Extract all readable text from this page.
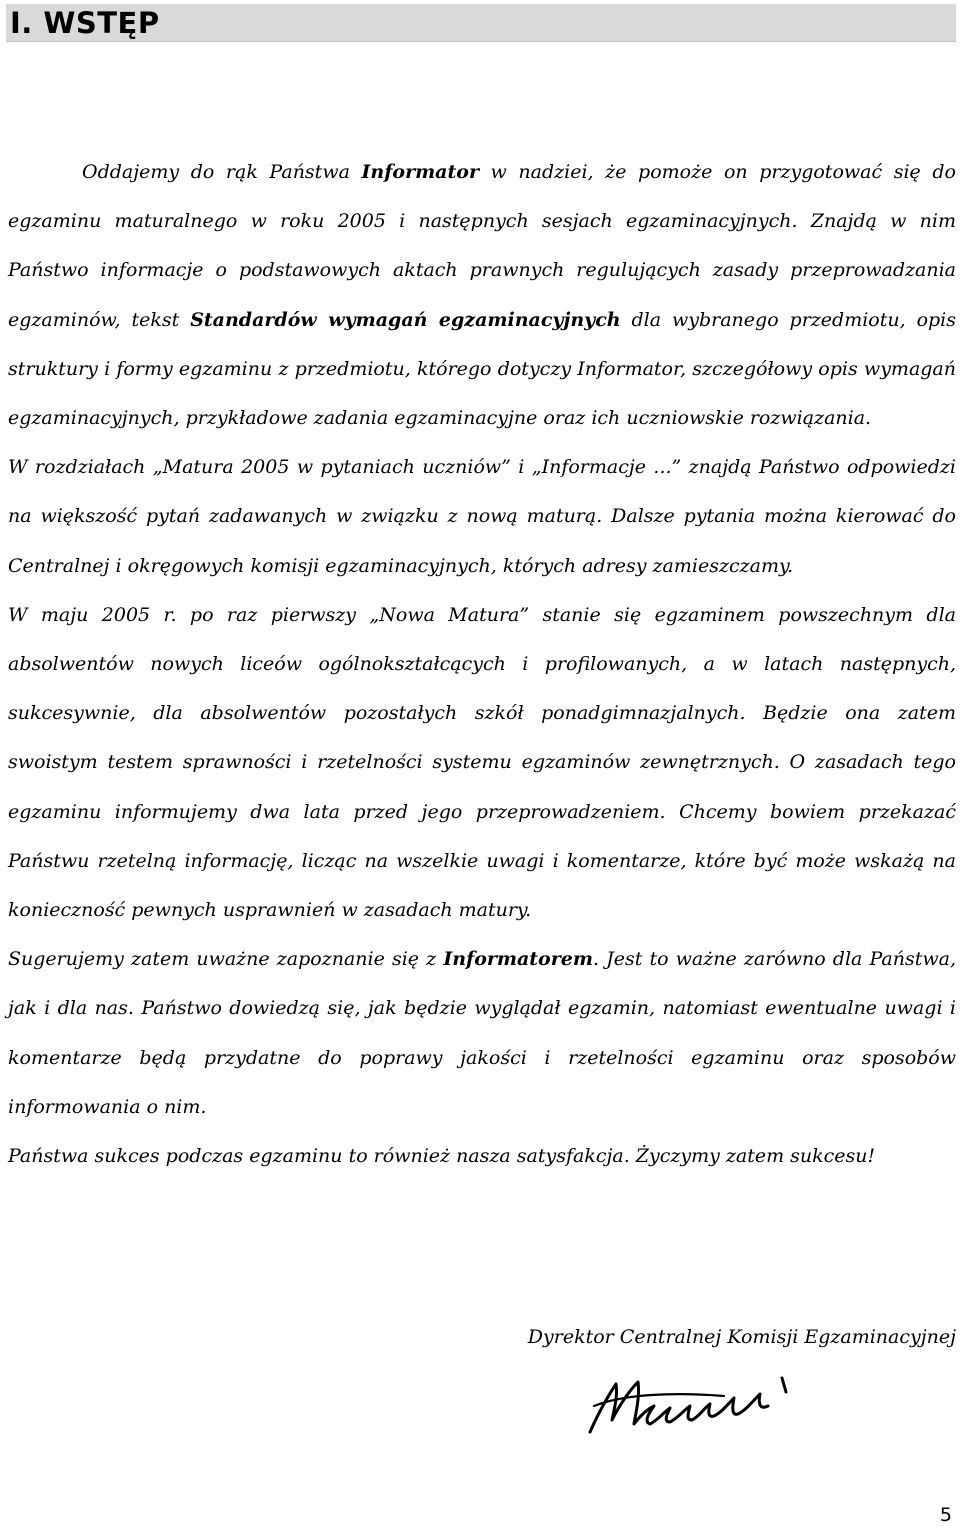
I. WSTĘP

Oddajemy do rąk Państwa Informator w nadziei, że pomoże on przygotować się do egzaminu maturalnego w roku 2005 i następnych sesjach egzaminacyjnych. Znajdą w nim Państwo informacje o podstawowych aktach prawnych regulujących zasady przeprowadzania egzaminów, tekst Standardów wymagań egzaminacyjnych dla wybranego przedmiotu, opis struktury i formy egzaminu z przedmiotu, którego dotyczy Informator, szczegółowy opis wymagań egzaminacyjnych, przykładowe zadania egzaminacyjne oraz ich uczniowskie rozwiązania.

W rozdziałach „Matura 2005 w pytaniach uczniów” i „Informacje ...” znajdą Państwo odpowiedzi na większość pytań zadawanych w związku z nową maturą. Dalsze pytania można kierować do Centralnej i okręgowych komisji egzaminacyjnych, których adresy zamieszczamy.

W maju 2005 r. po raz pierwszy „Nowa Matura” stanie się egzaminem powszechnym dla absolwentów nowych liceów ogólnokształcących i profilowanych, a w latach następnych, sukcesywnie, dla absolwentów pozostałych szkół ponadgimnazjalnych. Będzie ona zatem swoistym testem sprawności i rzetelności systemu egzaminów zewnętrznych. O zasadach tego egzaminu informujemy dwa lata przed jego przeprowadzeniem. Chcemy bowiem przekazać Państwu rzetelną informację, licząc na wszelkie uwagi i komentarze, które być może wskażą na konieczność pewnych usprawnień w zasadach matury.

Sugerujemy zatem uważne zapoznanie się z Informatorem. Jest to ważne zarówno dla Państwa, jak i dla nas. Państwo dowiedzą się, jak będzie wyglądał egzamin, natomiast ewentualne uwagi i komentarze będą przydatne do poprawy jakości i rzetelności egzaminu oraz sposobów informowania o nim.

Państwa sukces podczas egzaminu to również nasza satysfakcja. Życzymy zatem sukcesu!

Dyrektor Centralnej Komisji Egzaminacyjnej
5
